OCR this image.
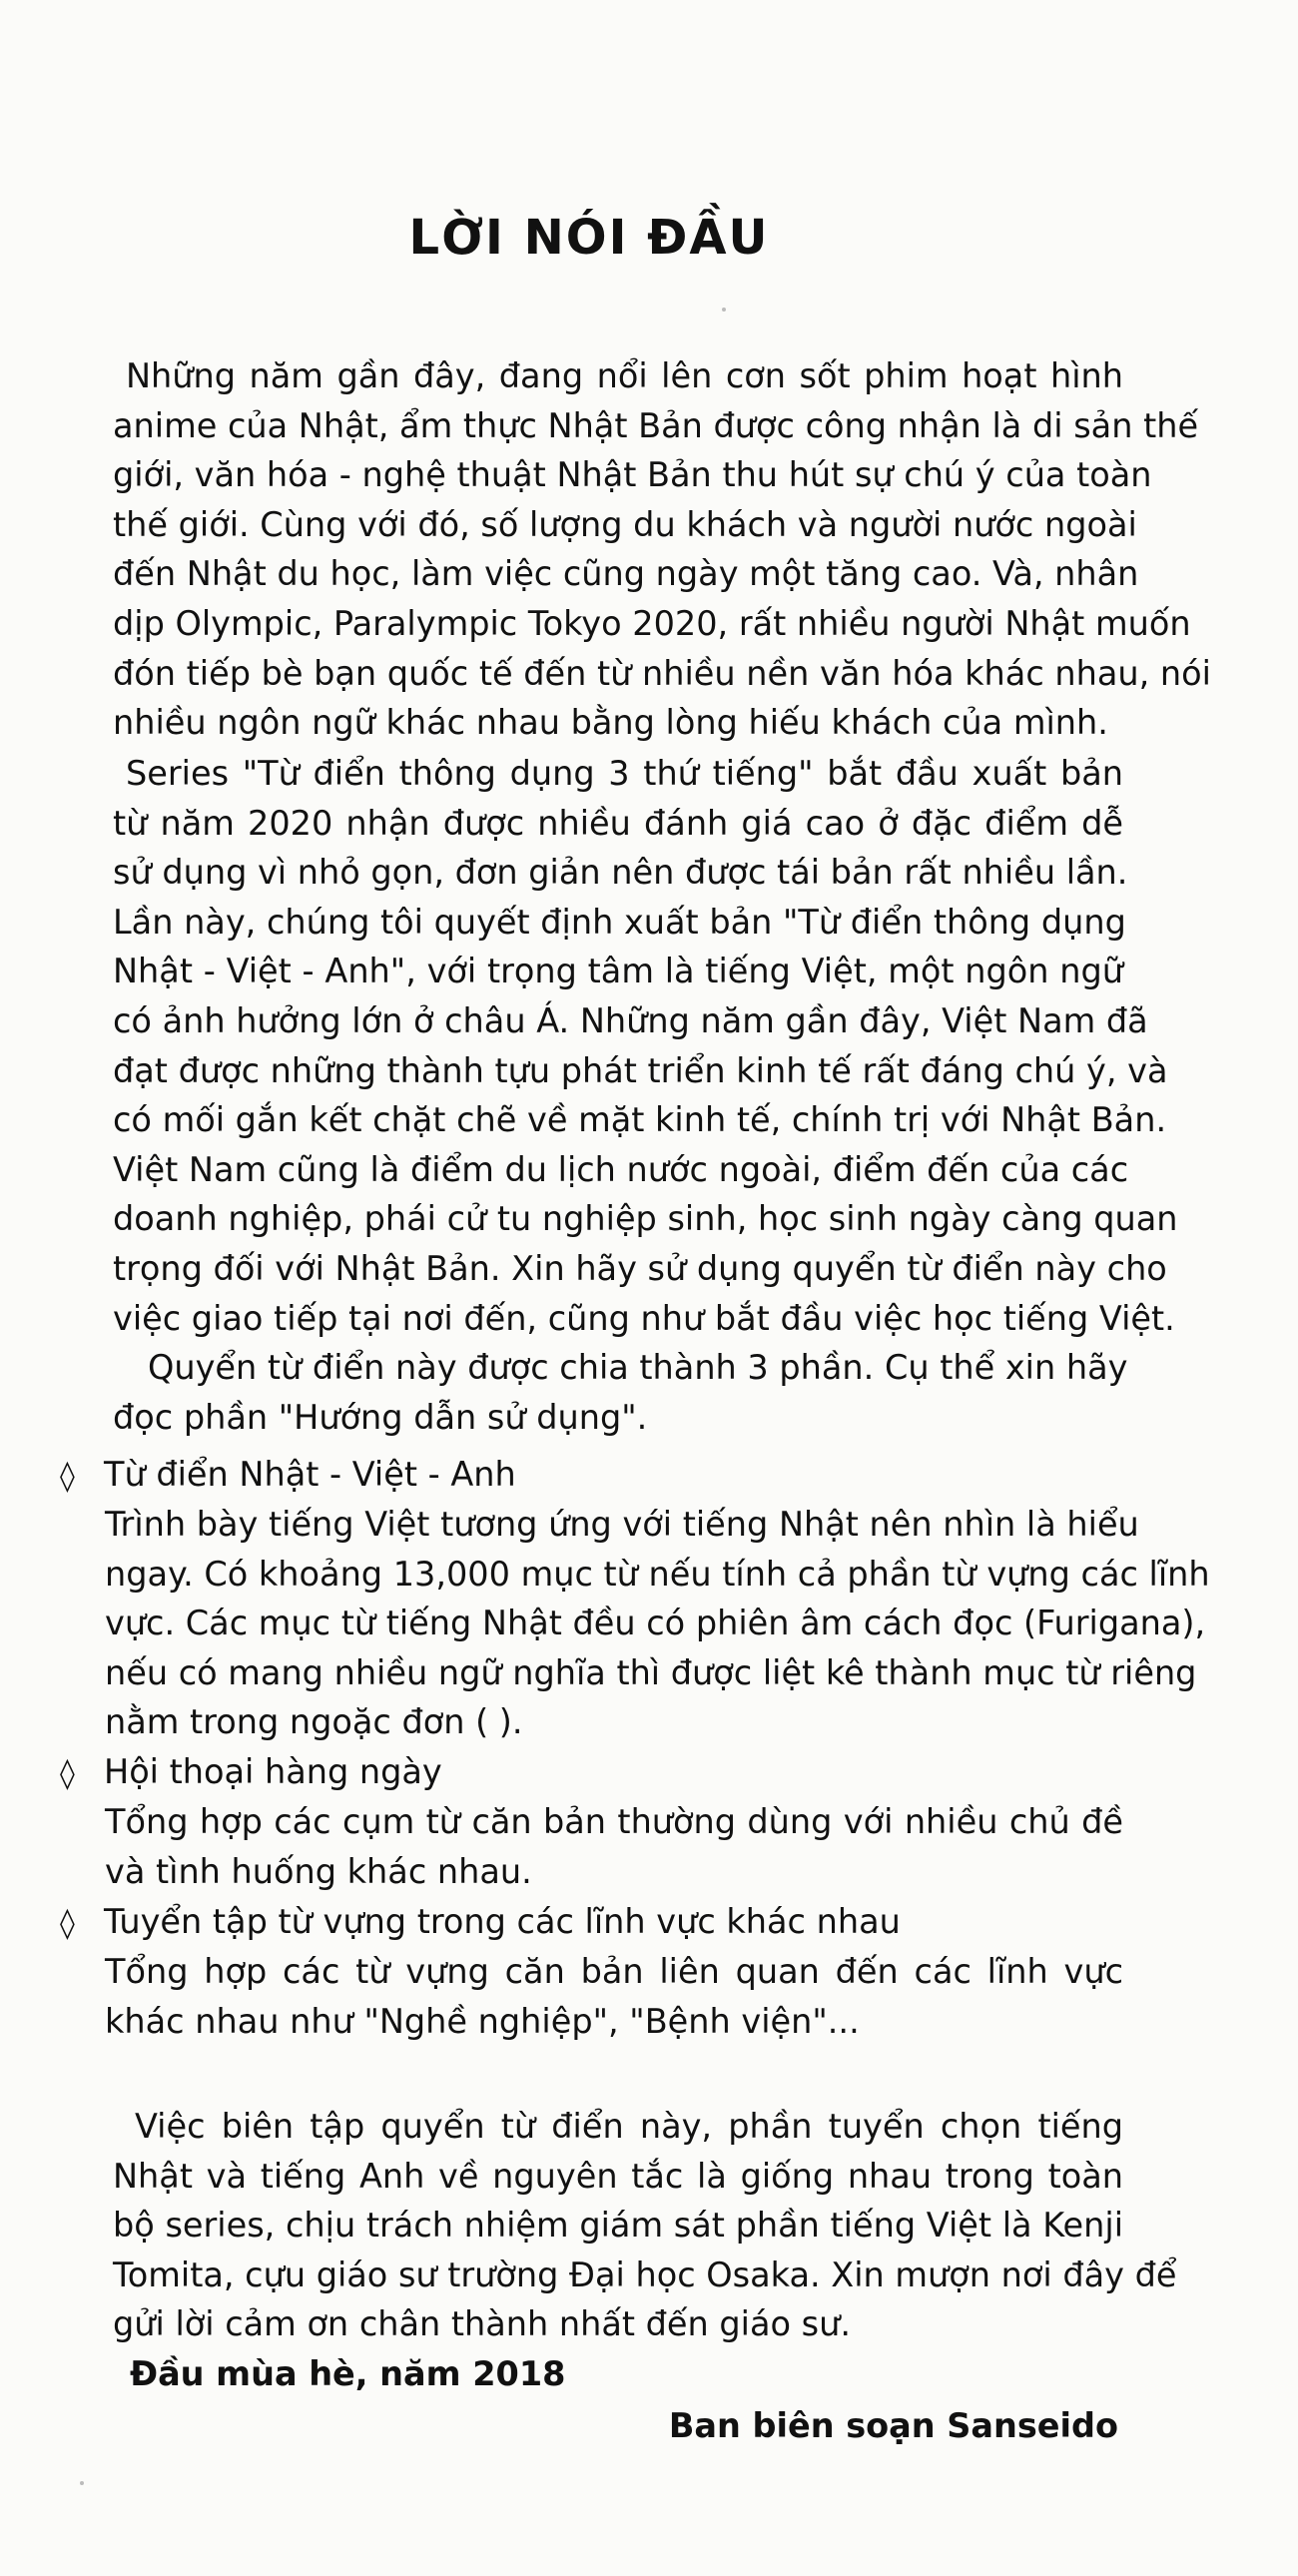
LỜI NÓI ĐẦU
Những năm gần đây, đang nổi lên cơn sốt phim hoạt hình
anime của Nhật, ẩm thực Nhật Bản được công nhận là di sản thế
giới, văn hóa - nghệ thuật Nhật Bản thu hút sự chú ý của toàn
thế giới. Cùng với đó, số lượng du khách và người nước ngoài
đến Nhật du học, làm việc cũng ngày một tăng cao. Và, nhân
dịp Olympic, Paralympic Tokyo 2020, rất nhiều người Nhật muốn
đón tiếp bè bạn quốc tế đến từ nhiều nền văn hóa khác nhau, nói
nhiều ngôn ngữ khác nhau bằng lòng hiếu khách của mình.
Series "Từ điển thông dụng 3 thứ tiếng" bắt đầu xuất bản
từ năm 2020 nhận được nhiều đánh giá cao ở đặc điểm dễ
sử dụng vì nhỏ gọn, đơn giản nên được tái bản rất nhiều lần.
Lần này, chúng tôi quyết định xuất bản "Từ điển thông dụng
Nhật - Việt - Anh", với trọng tâm là tiếng Việt, một ngôn ngữ
có ảnh hưởng lớn ở châu Á. Những năm gần đây, Việt Nam đã
đạt được những thành tựu phát triển kinh tế rất đáng chú ý, và
có mối gắn kết chặt chẽ về mặt kinh tế, chính trị với Nhật Bản.
Việt Nam cũng là điểm du lịch nước ngoài, điểm đến của các
doanh nghiệp, phái cử tu nghiệp sinh, học sinh ngày càng quan
trọng đối với Nhật Bản. Xin hãy sử dụng quyển từ điển này cho
việc giao tiếp tại nơi đến, cũng như bắt đầu việc học tiếng Việt.
Quyển từ điển này được chia thành 3 phần. Cụ thể xin hãy
đọc phần "Hướng dẫn sử dụng".
◊ Từ điển Nhật - Việt - Anh
Trình bày tiếng Việt tương ứng với tiếng Nhật nên nhìn là hiểu
ngay. Có khoảng 13,000 mục từ nếu tính cả phần từ vựng các lĩnh
vực. Các mục từ tiếng Nhật đều có phiên âm cách đọc (Furigana),
nếu có mang nhiều ngữ nghĩa thì được liệt kê thành mục từ riêng
nằm trong ngoặc đơn ( ).
◊ Hội thoại hàng ngày
Tổng hợp các cụm từ căn bản thường dùng với nhiều chủ đề
và tình huống khác nhau.
◊ Tuyển tập từ vựng trong các lĩnh vực khác nhau
Tổng hợp các từ vựng căn bản liên quan đến các lĩnh vực
khác nhau như "Nghề nghiệp", "Bệnh viện"...
Việc biên tập quyển từ điển này, phần tuyển chọn tiếng
Nhật và tiếng Anh về nguyên tắc là giống nhau trong toàn
bộ series, chịu trách nhiệm giám sát phần tiếng Việt là Kenji
Tomita, cựu giáo sư trường Đại học Osaka. Xin mượn nơi đây để
gửi lời cảm ơn chân thành nhất đến giáo sư.
Đầu mùa hè, năm 2018
Ban biên soạn Sanseido
